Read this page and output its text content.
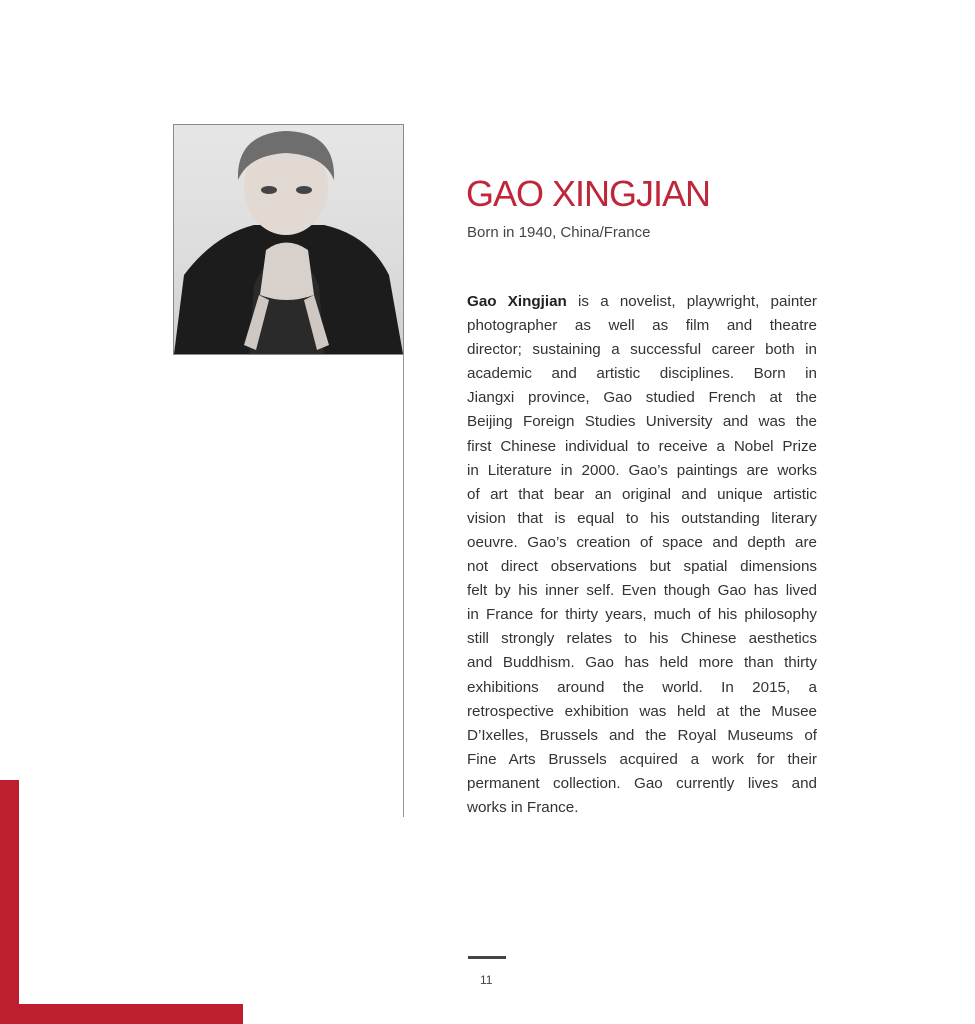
GAO XINGJIAN
Born in 1940, China/France
Gao Xingjian is a novelist, playwright, painter
photographer as well as film and theatre
director; sustaining a successful career both in
academic and artistic disciplines. Born in
Jiangxi province, Gao studied French at the
Beijing Foreign Studies University and was the
first Chinese individual to receive a Nobel Prize
in Literature in 2000. Gao’s paintings are works
of art that bear an original and unique artistic
vision that is equal to his outstanding literary
oeuvre. Gao’s creation of space and depth are
not direct observations but spatial dimensions
felt by his inner self. Even though Gao has lived
in France for thirty years, much of his philosophy
still strongly relates to his Chinese aesthetics
and Buddhism. Gao has held more than thirty
exhibitions around the world. In 2015, a
retrospective exhibition was held at the Musee
D’Ixelles, Brussels and the Royal Museums of
Fine Arts Brussels acquired a work for their
permanent collection. Gao currently lives and
works in France.
11
